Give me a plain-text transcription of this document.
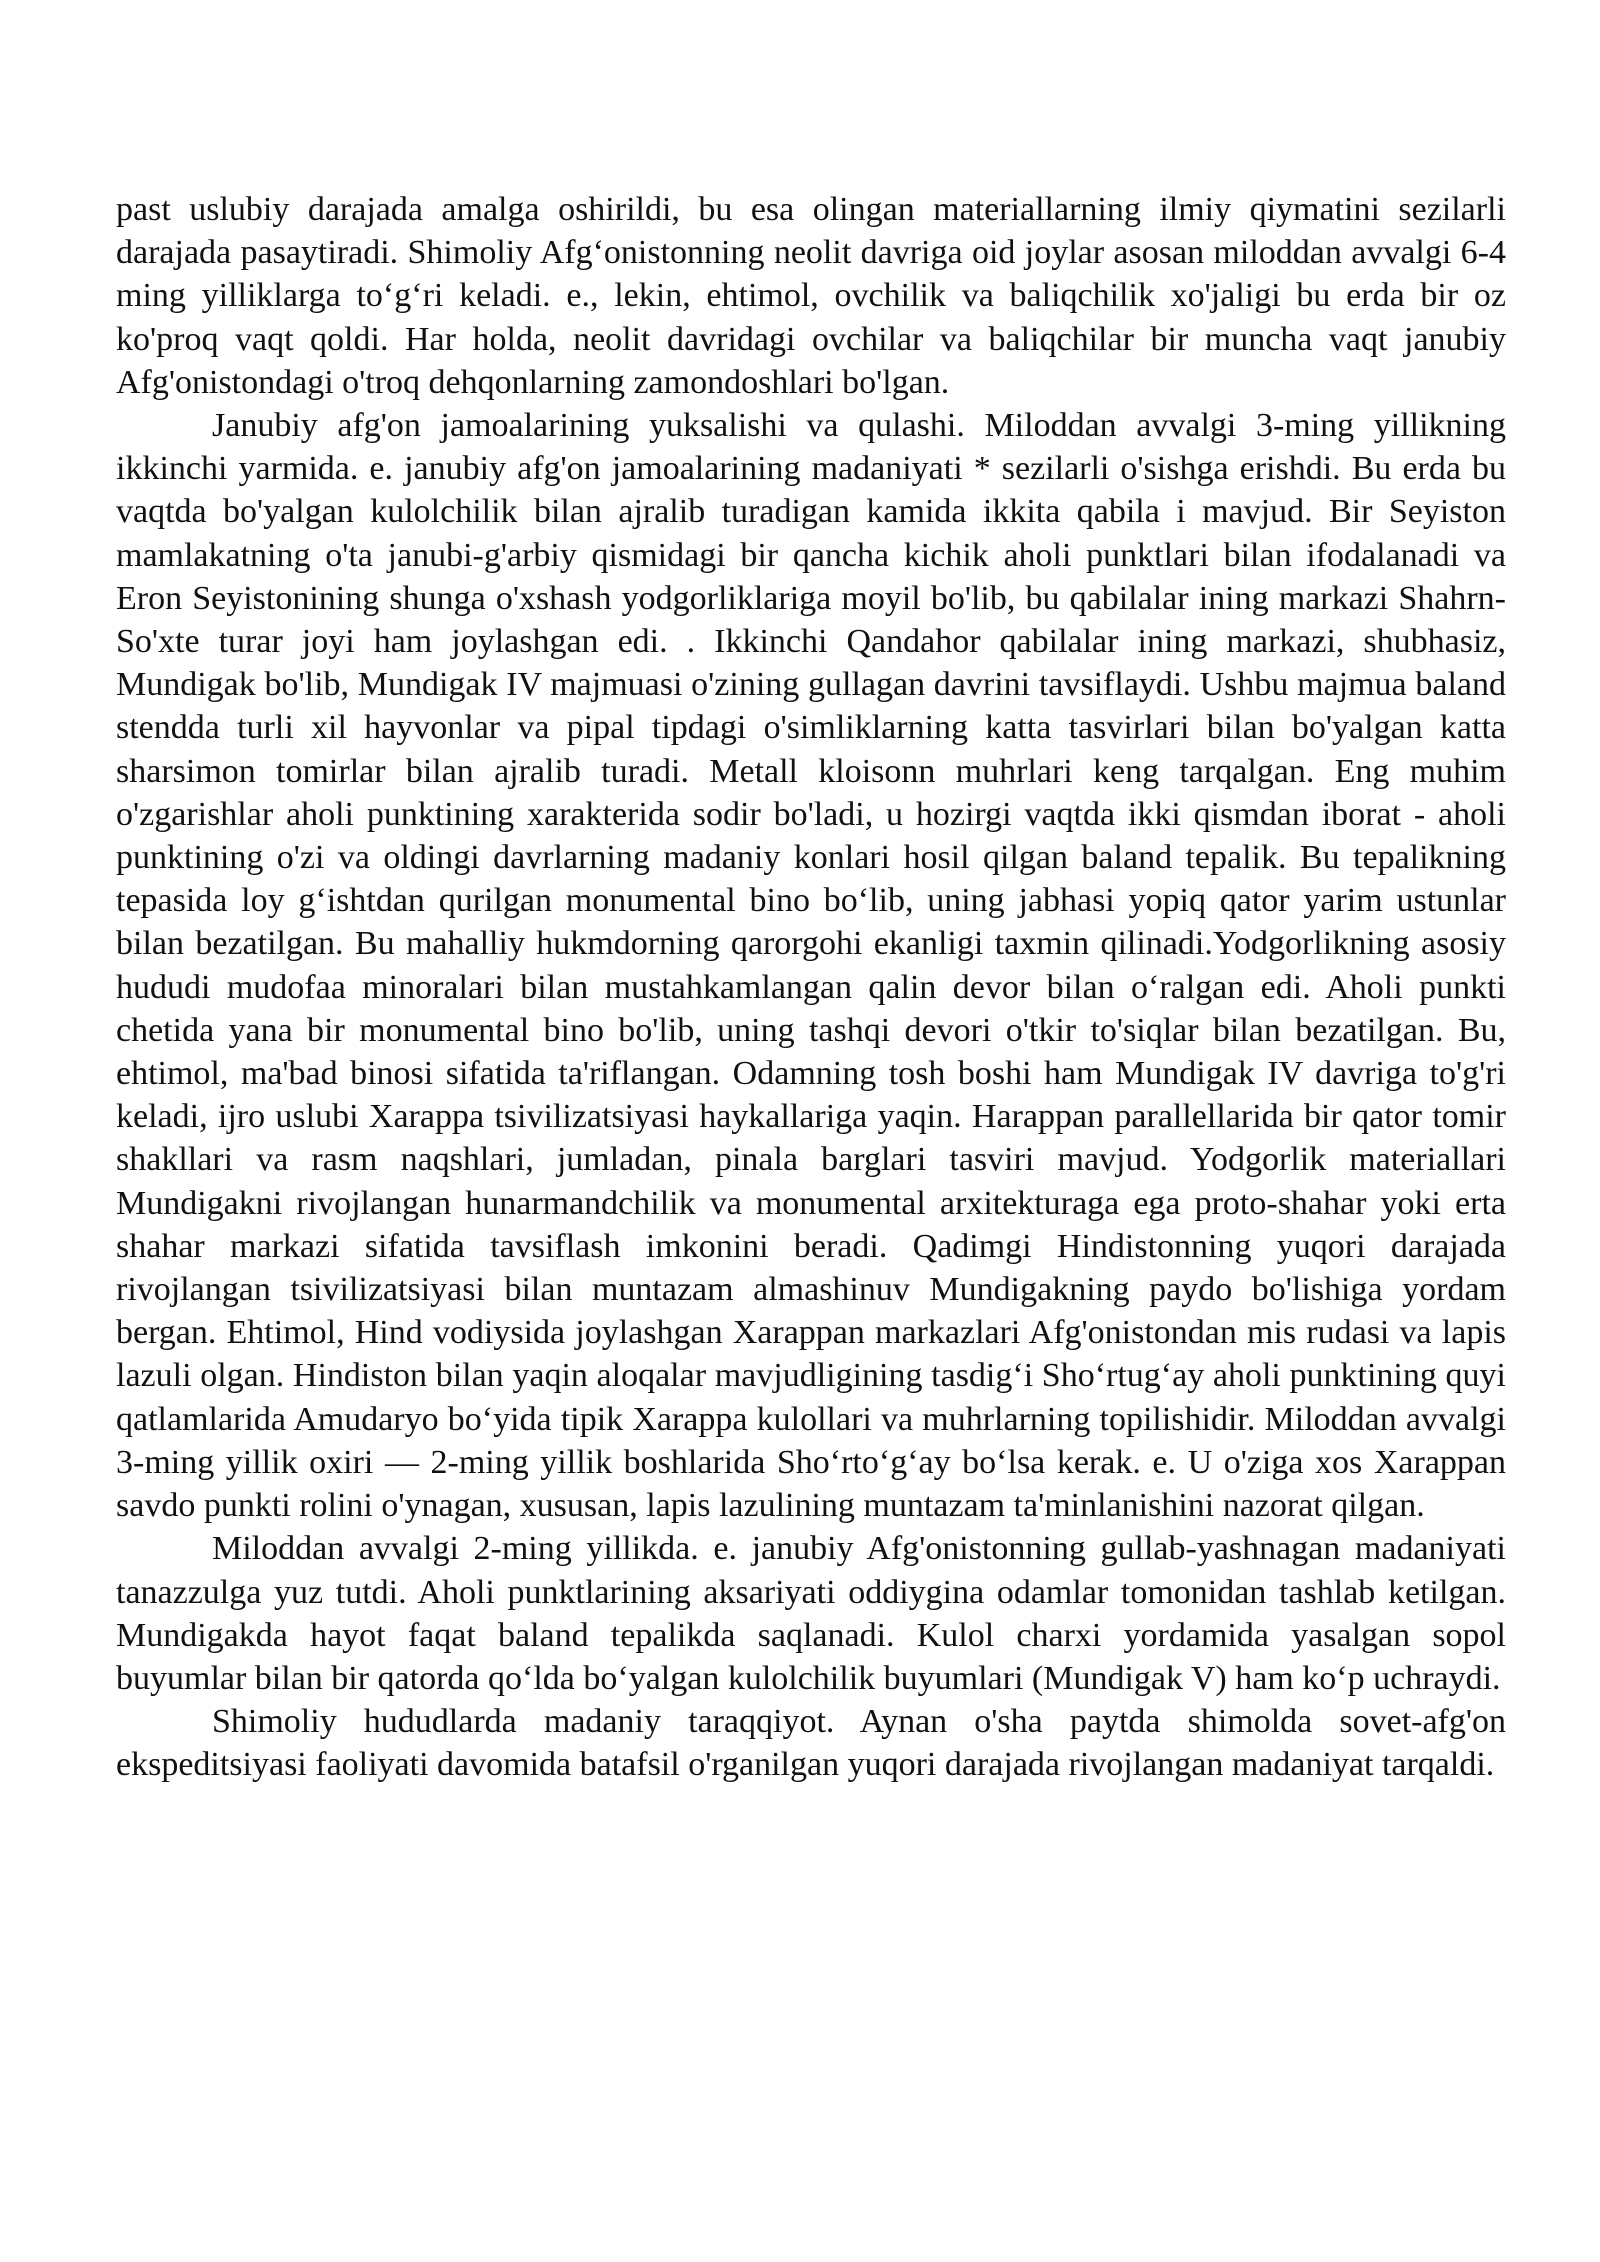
past uslubiy darajada amalga oshirildi, bu esa olingan materiallarning ilmiy qiymatini sezilarli darajada pasaytiradi. Shimoliy Afg‘onistonning neolit davriga oid joylar asosan miloddan avvalgi 6-4 ming yilliklarga to‘g‘ri keladi. e., lekin, ehtimol, ovchilik va baliqchilik xo'jaligi bu erda bir oz ko'proq vaqt qoldi. Har holda, neolit davridagi ovchilar va baliqchilar bir muncha vaqt janubiy Afg'onistondagi o'troq dehqonlarning zamondoshlari bo'lgan.

Janubiy afg'on jamoalarining yuksalishi va qulashi. Miloddan avvalgi 3-ming yillikning ikkinchi yarmida. e. janubiy afg'on jamoalarining madaniyati * sezilarli o'sishga erishdi. Bu erda bu vaqtda bo'yalgan kulolchilik bilan ajralib turadigan kamida ikkita qabila i mavjud. Bir Seyiston mamlakatning o'ta janubi-g'arbiy qismidagi bir qancha kichik aholi punktlari bilan ifodalanadi va Eron Seyistonining shunga o'xshash yodgorliklariga moyil bo'lib, bu qabilalar ining markazi Shahrn-So'xte turar joyi ham joylashgan edi. . Ikkinchi Qandahor qabilalar ining markazi, shubhasiz, Mundigak bo'lib, Mundigak IV majmuasi o'zining gullagan davrini tavsiflaydi. Ushbu majmua baland stendda turli xil hayvonlar va pipal tipdagi o'simliklarning katta tasvirlari bilan bo'yalgan katta sharsimon tomirlar bilan ajralib turadi. Metall kloisonn muhrlari keng tarqalgan. Eng muhim o'zgarishlar aholi punktining xarakterida sodir bo'ladi, u hozirgi vaqtda ikki qismdan iborat - aholi punktining o'zi va oldingi davrlarning madaniy konlari hosil qilgan baland tepalik. Bu tepalikning tepasida loy g‘ishtdan qurilgan monumental bino bo‘lib, uning jabhasi yopiq qator yarim ustunlar bilan bezatilgan. Bu mahalliy hukmdorning qarorgohi ekanligi taxmin qilinadi.Yodgorlikning asosiy hududi mudofaa minoralari bilan mustahkamlangan qalin devor bilan o‘ralgan edi. Aholi punkti chetida yana bir monumental bino bo'lib, uning tashqi devori o'tkir to'siqlar bilan bezatilgan. Bu, ehtimol, ma'bad binosi sifatida ta'riflangan. Odamning tosh boshi ham Mundigak IV davriga to'g'ri keladi, ijro uslubi Xarappa tsivilizatsiyasi haykallariga yaqin. Harappan parallellarida bir qator tomir shakllari va rasm naqshlari, jumladan, pinala barglari tasviri mavjud. Yodgorlik materiallari Mundigakni rivojlangan hunarmandchilik va monumental arxitekturaga ega proto-shahar yoki erta shahar markazi sifatida tavsiflash imkonini beradi. Qadimgi Hindistonning yuqori darajada rivojlangan tsivilizatsiyasi bilan muntazam almashinuv Mundigakning paydo bo'lishiga yordam bergan. Ehtimol, Hind vodiysida joylashgan Xarappan markazlari Afg'onistondan mis rudasi va lapis lazuli olgan. Hindiston bilan yaqin aloqalar mavjudligining tasdig‘i Sho‘rtug‘ay aholi punktining quyi qatlamlarida Amudaryo bo‘yida tipik Xarappa kulollari va muhrlarning topilishidir. Miloddan avvalgi 3-ming yillik oxiri — 2-ming yillik boshlarida Sho‘rto‘g‘ay bo‘lsa kerak. e. U o'ziga xos Xarappan savdo punkti rolini o'ynagan, xususan, lapis lazulining muntazam ta'minlanishini nazorat qilgan.

Miloddan avvalgi 2-ming yillikda. e. janubiy Afg'onistonning gullab-yashnagan madaniyati tanazzulga yuz tutdi. Aholi punktlarining aksariyati oddiygina odamlar tomonidan tashlab ketilgan. Mundigakda hayot faqat baland tepalikda saqlanadi. Kulol charxi yordamida yasalgan sopol buyumlar bilan bir qatorda qo‘lda bo‘yalgan kulolchilik buyumlari (Mundigak V) ham ko‘p uchraydi.

Shimoliy hududlarda madaniy taraqqiyot. Aynan o'sha paytda shimolda sovet-afg'on ekspeditsiyasi faoliyati davomida batafsil o'rganilgan yuqori darajada rivojlangan madaniyat tarqaldi.
